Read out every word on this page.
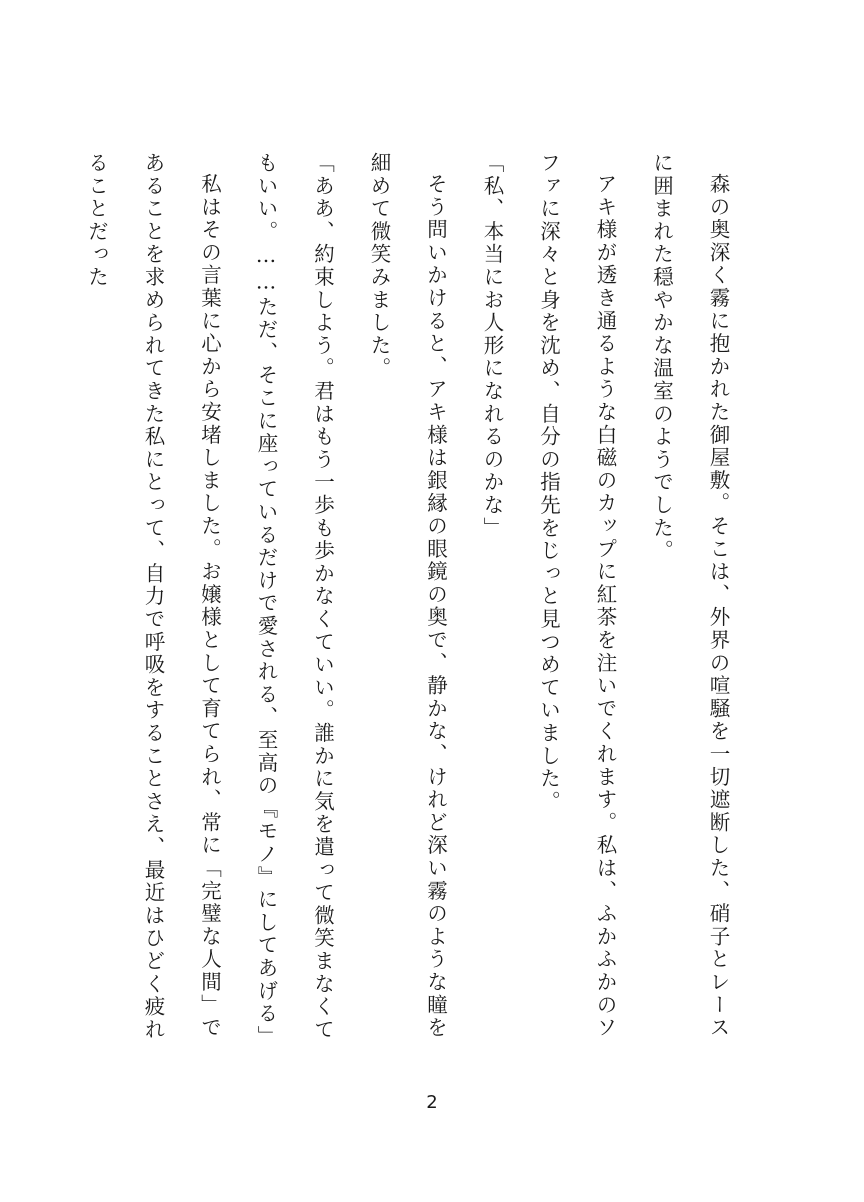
森の奥深く霧に抱かれた御屋敷。そこは、外界の喧騒を一切遮断した、硝子とレースに囲まれた穏やかな温室のようでした。

アキ様が透き通るような白磁のカップに紅茶を注いでくれます。私は、ふかふかのソファに深々と身を沈め、自分の指先をじっと見つめていました。

「私、本当にお人形になれるのかな」

そう問いかけると、アキ様は銀縁の眼鏡の奥で、静かな、けれど深い霧のような瞳を細めて微笑みました。

「ああ、約束しよう。君はもう一歩も歩かなくていい。誰かに気を遣って微笑まなくてもいい。……ただ、そこに座っているだけで愛される、至高の『モノ』にしてあげる」

私はその言葉に心から安堵しました。お嬢様として育てられ、常に「完璧な人間」であることを求められてきた私にとって、自力で呼吸をすることさえ、最近はひどく疲れることだった

2
